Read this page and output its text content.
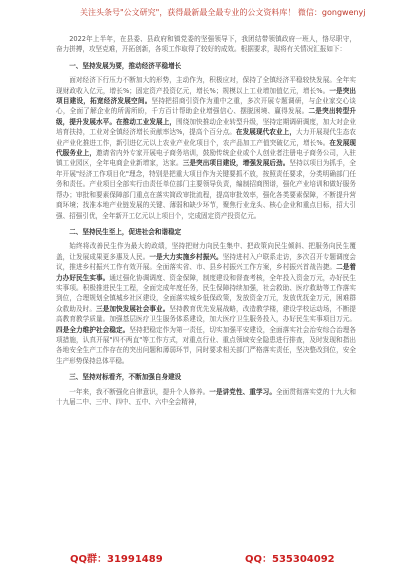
关注头条号"公文研究"，获得最新最全最专业的公文资料库！ 微信：gongwenyj

2022年上半年，在县委、县政府和镇党委的坚强领导下，我团结带领镇政府一班人，恪尽职守，奋力拼搏，攻坚克难，开拓创新，各项工作取得了较好的成效。根据要求，现将有关情况汇报如下：

一、坚持发展为要，推动经济平稳增长

面对经济下行压力不断加大的形势，主动作为，积极应对，保持了全镇经济平稳较快发展。全年实现财政收入亿元，增长%；固定资产投资亿元，增长%；规模以上工业增加值亿元，增长%。一是突出项目建设，拓宽经济发展空间。坚持把招商引资作为重中之重，多次开展专题调研，与企业家交心谈心，全面了解企业的所需所盼，千方百计帮助企业增强信心、摆脱困境、赢得发展。二是突出转型升级，提升发展水平。在推动工业发展上，围绕加快推动企业转型升级，坚持定期调研调度，加大对企业培育扶持，工业对全镇经济增长贡献率达%，提高个百分点。在发展现代农业上，大力开展现代生态农业产业化推进工作，新引进亿元以上农业产业化项目个，农产品加工产值突破亿元，增长%。在发展现代服务业上，邀请省内外专家开展电子商务培训，鼓励传统企业或个人创业者注册电子商务公司，入驻镇工业园区，全年电商企业新增家，达家。三是突出项目建设，增强发展后劲。坚持以项目为抓手，全年开展"经济工作项目化"理念，特别是把重大项目作为关键要抓不放，按照责任要求，分类明确部门任务和责任。产业项目全部实行由责任单位部门主要领导负责，编制招商图谱，强化产业培训和做好服务帮办；审批和要素保障部门重点在落实简政审批流程，提高审批效率，强化各类要素保障，不断提升营商环境；找准本地产业链发展的关键、薄弱和缺少环节，聚焦行业龙头、核心企业和重点目标，招大引强、招强引优，全年新开工亿元以上项目个，完成固定资产投资亿元。

二、坚持民生至上，促进社会和谐稳定

始终将改善民生作为最大的政绩，坚持把财力向民生集中、把政策向民生倾斜、把服务向民生覆盖，让发展成果更多惠及人民。一是大力实施乡村振兴。坚持进村入户联系走访，多次召开专题调度会议，推进乡村振兴工作有效开展。全面落实省、市、县乡村振兴工作方案，乡村振兴首战告捷。二是着力办好民生实事。通过强化协调调度、资金保障，制度建设和督查考核，全年投入资金万元，办好民生实事项。积极推进民生工程，全面完成年度任务，民生保障持续加强，社会救助、医疗救助等工作落实到位，合理规划全镇城乡社区建设，全面落实城乡低保政策，发放资金万元，发放优抚金万元，困难群众救助及时。三是加快发展社会事业。坚持教育优先发展战略，改造教学楼，建设学校运动场，不断提高教育教学质量。加强基层医疗卫生服务体系建设，加大医疗卫生服务投入，办好民生实事项目万元。四是全力维护社会稳定。坚持把稳定作为第一责任，切实加强平安建设，全面落实社会治安综合治理各项措施，认真开展"四不两直"等工作方式，对重点行业、重点领域安全隐患进行排查，及时发现和指出各地安全生产工作存在的突出问题和薄弱环节，同时要求相关部门严格落实责任，坚决整改到位，安全生产形势保持总体平稳。

三、坚持对标看齐，不断加强自身建设

一年来，我不断强化自律意识，提升个人修养。一是讲党性、重学习。全面贯彻落实党的十九大和十九届二中、三中、四中、五中、六中全会精神，

QQ群：31991489	QQ：535304092
